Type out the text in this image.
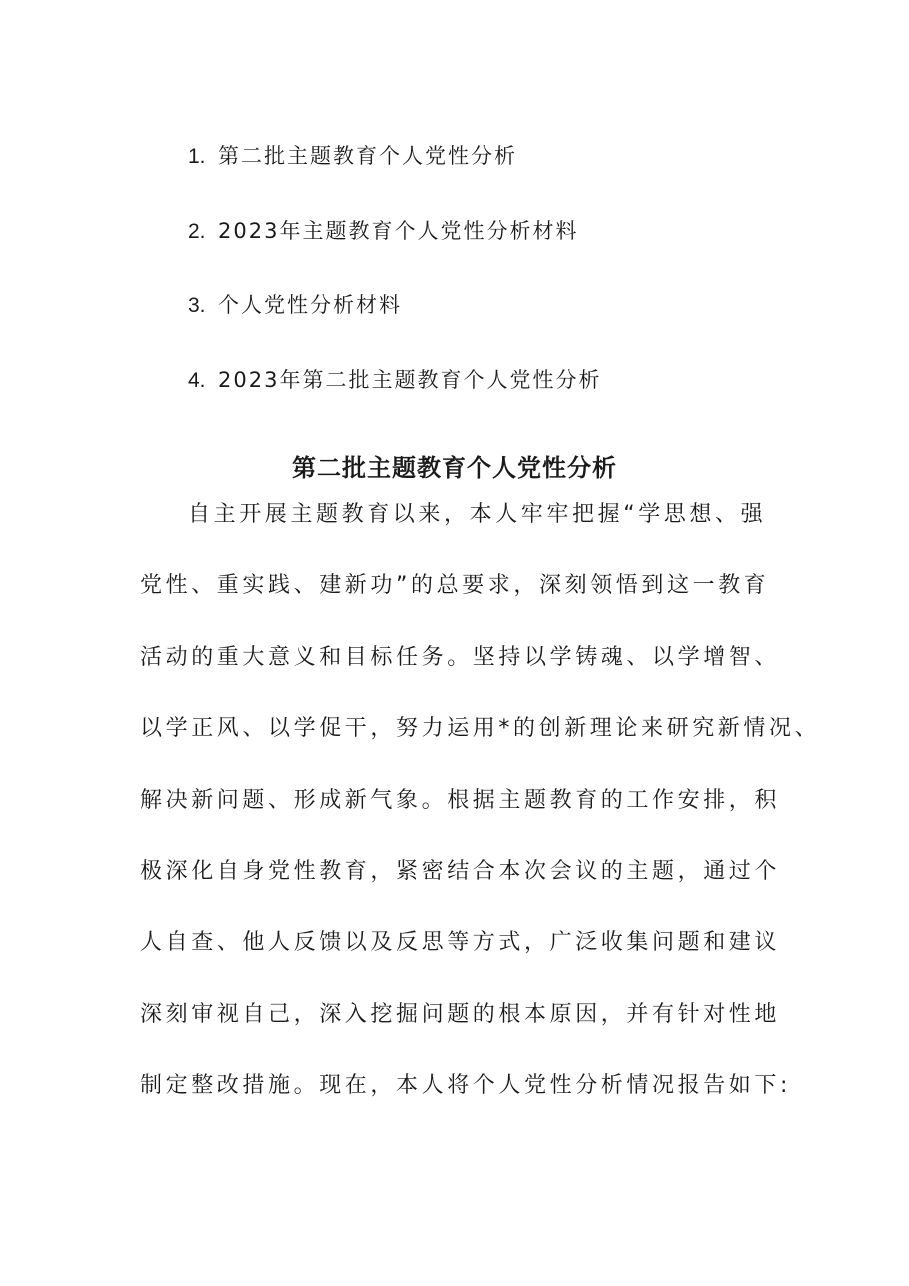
1. 第二批主题教育个人党性分析
2. 2023年主题教育个人党性分析材料
3. 个人党性分析材料
4. 2023年第二批主题教育个人党性分析
第二批主题教育个人党性分析

自主开展主题教育以来，本人牢牢把握“学思想、强
党性、重实践、建新功”的总要求，深刻领悟到这一教育
活动的重大意义和目标任务。坚持以学铸魂、以学增智、
以学正风、以学促干，努力运用*的创新理论来研究新情况、
解决新问题、形成新气象。根据主题教育的工作安排，积
极深化自身党性教育，紧密结合本次会议的主题，通过个
人自查、他人反馈以及反思等方式，广泛收集问题和建议
深刻审视自己，深入挖掘问题的根本原因，并有针对性地
制定整改措施。现在，本人将个人党性分析情况报告如下:
